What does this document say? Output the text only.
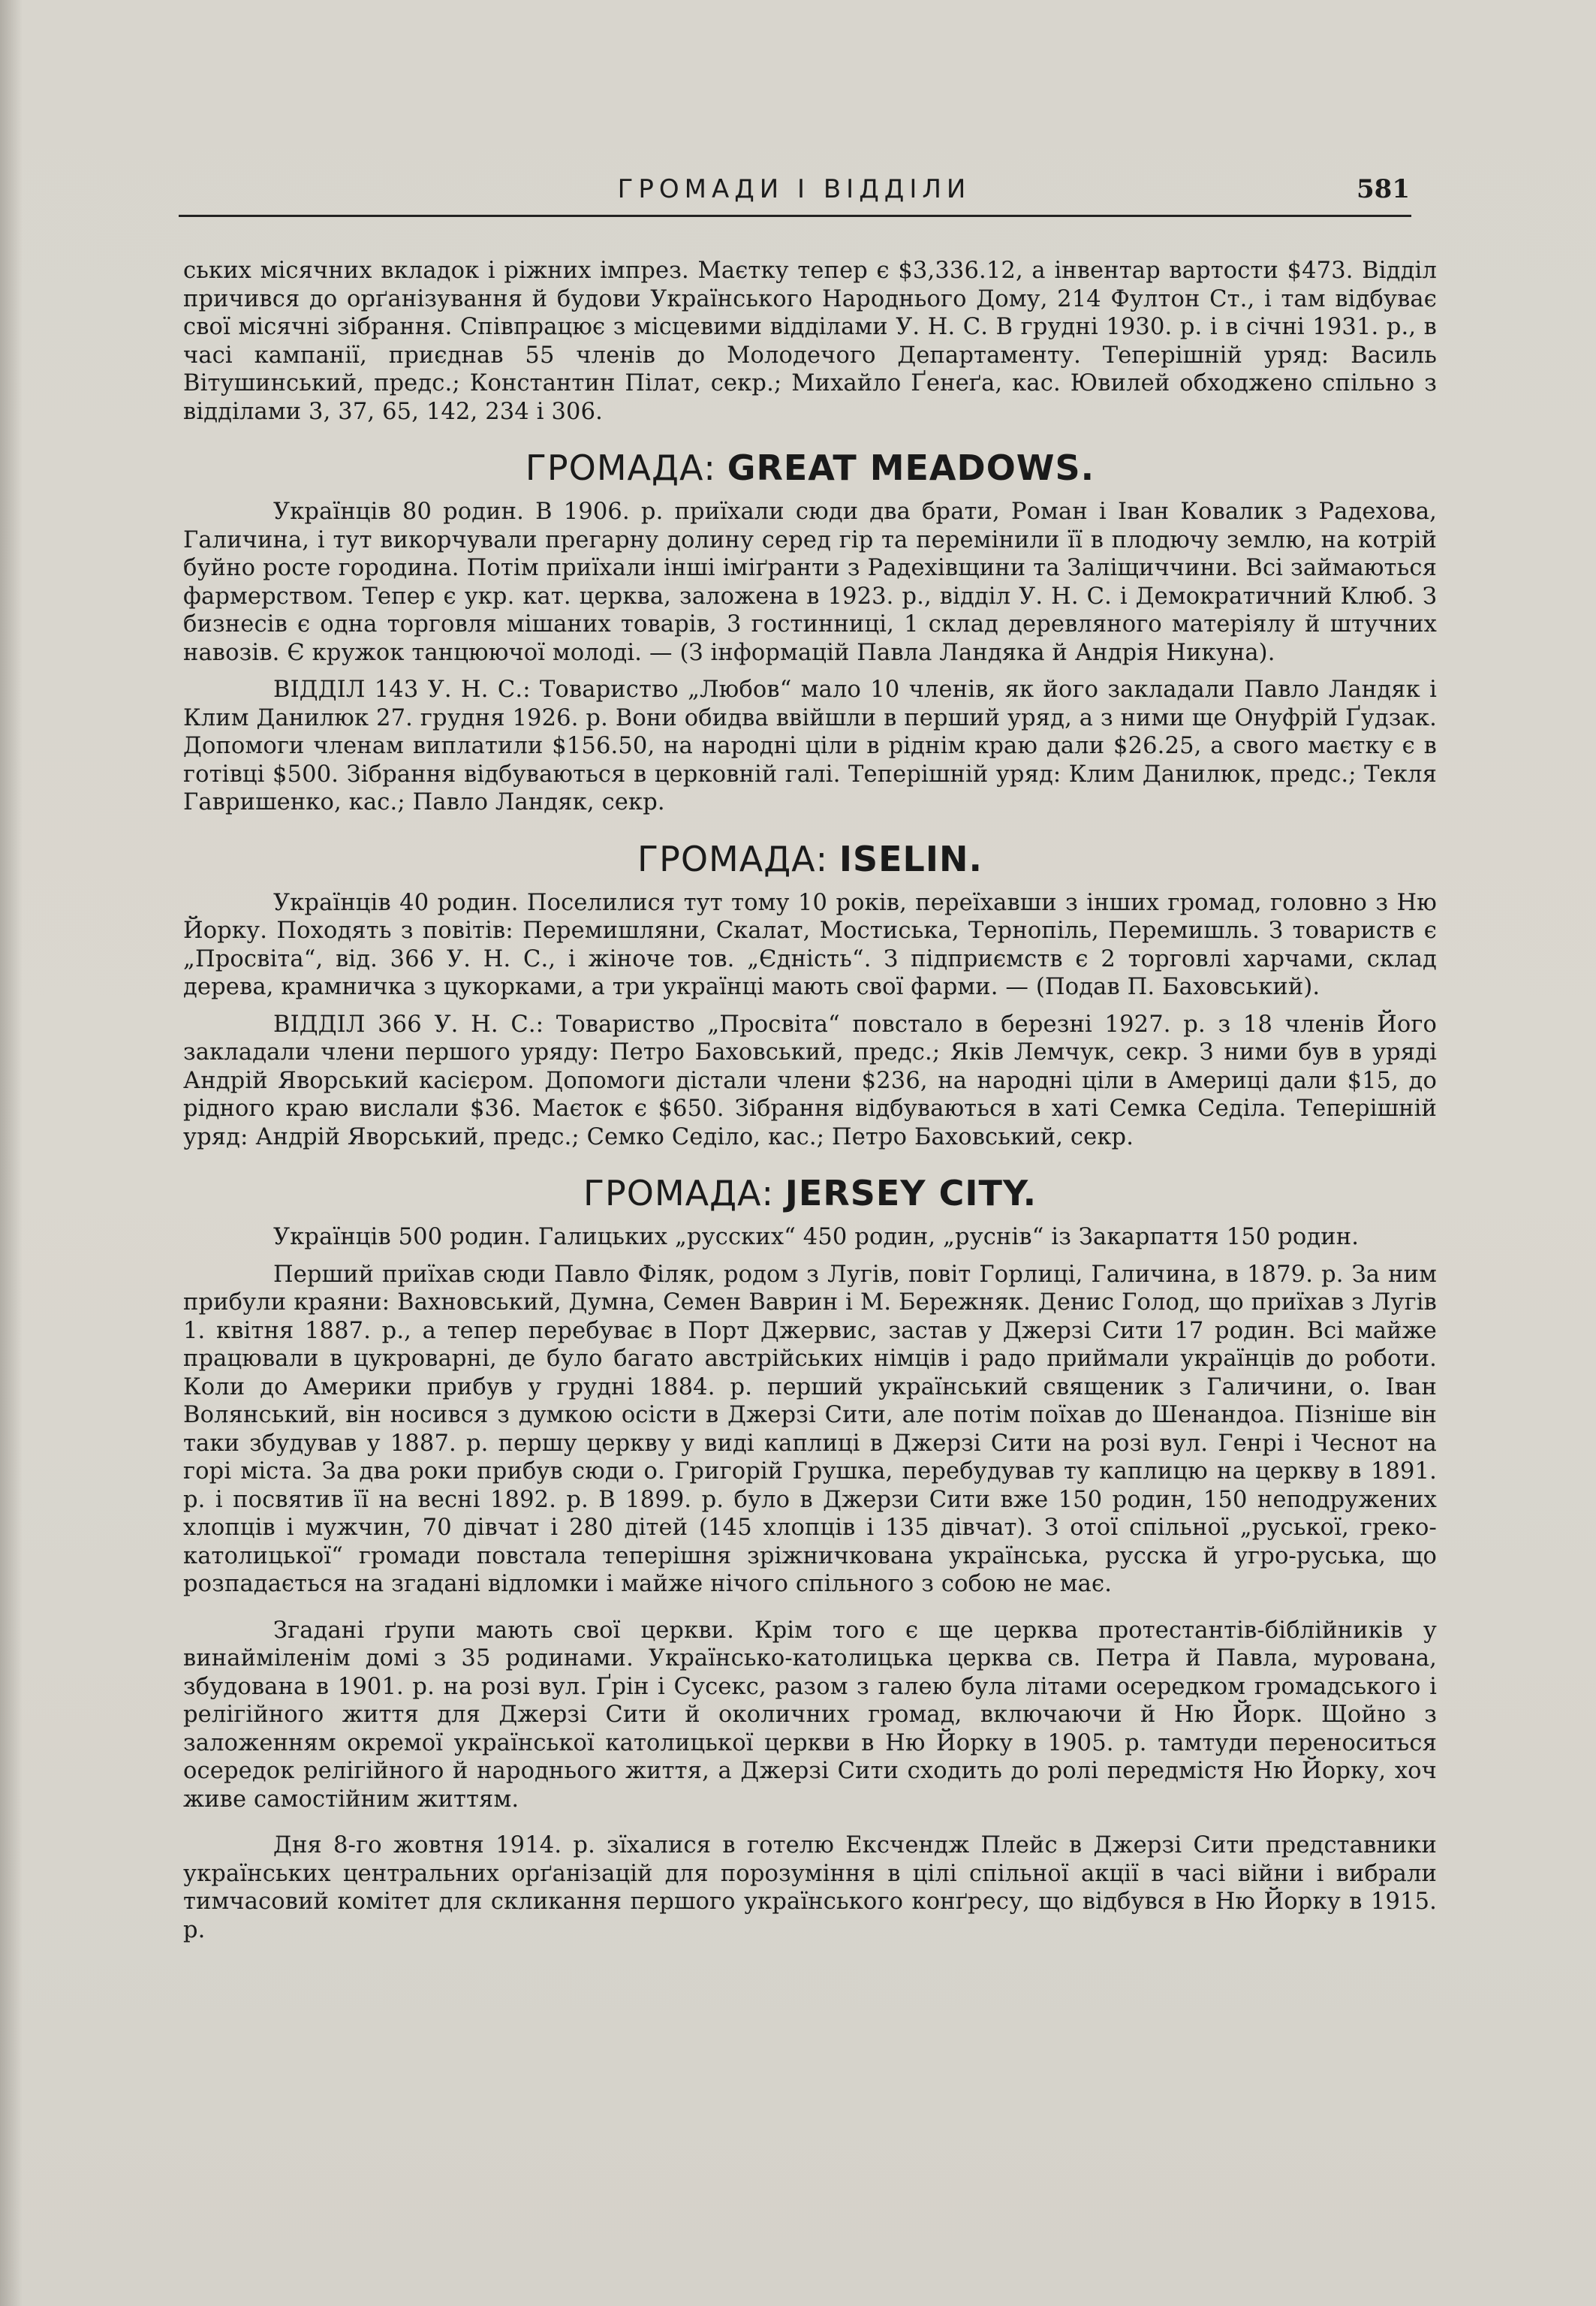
ГРОМАДИ І ВІДДІЛИ	581

ських місячних вкладок і ріжних імпрез. Маєтку тепер є $3,336.12, а інвентар вартости $473. Відділ причився до орґанізування й будови Українського Народнього Дому, 214 Фултон Ст., і там відбуває свої місячні зібрання. Співпрацює з місцевими відділами У. Н. С. В грудні 1930. р. і в січні 1931. р., в часі кампанії, приєднав 55 членів до Молодечого Департаменту. Теперішній уряд: Василь Вітушинський, предс.; Константин Пілат, секр.; Михайло Ґенеґа, кас. Ювилей обходжено спільно з відділами 3, 37, 65, 142, 234 і 306.

ГРОМАДА: GREAT MEADOWS.

Українців 80 родин. В 1906. р. приїхали сюди два брати, Роман і Іван Ковалик з Радехова, Галичина, і тут викорчували прегарну долину серед гір та перемінили її в плодючу землю, на котрій буйно росте городина. Потім приїхали інші іміґранти з Радехівщини та Заліщиччини. Всі займаються фармерством. Тепер є укр. кат. церква, заложена в 1923. р., відділ У. Н. С. і Демократичний Клюб. З бизнесів є одна торговля мішаних товарів, 3 гостинниці, 1 склад деревляного матеріялу й штучних навозів. Є кружок танцюючої молоді. — (З інформацій Павла Ландяка й Андрія Никуна).

ВІДДІЛ 143 У. Н. С.: Товариство „Любов“ мало 10 членів, як його закладали Павло Ландяк і Клим Данилюк 27. грудня 1926. р. Вони обидва ввійшли в перший уряд, а з ними ще Онуфрій Ґудзак. Допомоги членам виплатили $156.50, на народні ціли в ріднім краю дали $26.25, а свого маєтку є в готівці $500. Зібрання відбуваються в церковній галі. Теперішній уряд: Клим Данилюк, предс.; Текля Гавришенко, кас.; Павло Ландяк, секр.

ГРОМАДА: ISELIN.

Українців 40 родин. Поселилися тут тому 10 років, переїхавши з інших громад, головно з Ню Йорку. Походять з повітів: Перемишляни, Скалат, Мостиська, Тернопіль, Перемишль. З товариств є „Просвіта“, від. 366 У. Н. С., і жіноче тов. „Єдність“. З підприємств є 2 торговлі харчами, склад дерева, крамничка з цукорками, а три українці мають свої фарми. — (Подав П. Баховський).

ВІДДІЛ 366 У. Н. С.: Товариство „Просвіта“ повстало в березні 1927. р. з 18 членів Його закладали члени першого уряду: Петро Баховський, предс.; Яків Лемчук, секр. З ними був в уряді Андрій Яворський касієром. Допомоги дістали члени $236, на народні ціли в Америці дали $15, до рідного краю вислали $36. Маєток є $650. Зібрання відбуваються в хаті Семка Седіла. Теперішній уряд: Андрій Яворський, предс.; Семко Седіло, кас.; Петро Баховський, секр.

ГРОМАДА: JERSEY CITY.

Українців 500 родин. Галицьких „русских“ 450 родин, „руснів“ із Закарпаття 150 родин.

Перший приїхав сюди Павло Філяк, родом з Лугів, повіт Горлиці, Галичина, в 1879. р. За ним прибули краяни: Вахновський, Думна, Семен Ваврин і М. Бережняк. Денис Голод, що приїхав з Лугів 1. квітня 1887. р., а тепер перебуває в Порт Джервис, застав у Джерзі Сити 17 родин. Всі майже працювали в цукроварні, де було багато австрійських німців і радо приймали українців до роботи. Коли до Америки прибув у грудні 1884. р. перший український священик з Галичини, о. Іван Волянський, він носився з думкою осісти в Джерзі Сити, але потім поїхав до Шенандоа. Пізніше він таки збудував у 1887. р. першу церкву у виді каплиці в Джерзі Сити на розі вул. Генрі і Чеснот на горі міста. За два роки прибув сюди о. Григорій Грушка, перебудував ту каплицю на церкву в 1891. р. і посвятив її на весні 1892. р. В 1899. р. було в Джерзи Сити вже 150 родин, 150 неподружених хлопців і мужчин, 70 дівчат і 280 дітей (145 хлопців і 135 дівчат). З отої спільної „руської, греко-католицької“ громади повстала теперішня зріжничкована українська, русска й угро-руська, що розпадається на згадані відломки і майже нічого спільного з собою не має.

Згадані ґрупи мають свої церкви. Крім того є ще церква протестантів-біблійників у винайміленім домі з 35 родинами. Українсько-католицька церква св. Петра й Павла, мурована, збудована в 1901. р. на розі вул. Ґрін і Сусекс, разом з галею була літами осередком громадського і релігійного життя для Джерзі Сити й околичних громад, включаючи й Ню Йорк. Щойно з заложенням окремої української католицької церкви в Ню Йорку в 1905. р. тамтуди переноситься осередок релігійного й народнього життя, а Джерзі Сити сходить до ролі передмістя Ню Йорку, хоч живе самостійним життям.

Дня 8-го жовтня 1914. р. зїхалися в готелю Ексчендж Плейс в Джерзі Сити представники українських центральних орґанізацій для порозуміння в цілі спільної акції в часі війни і вибрали тимчасовий комітет для скликання першого українського конґресу, що відбувся в Ню Йорку в 1915. р.
